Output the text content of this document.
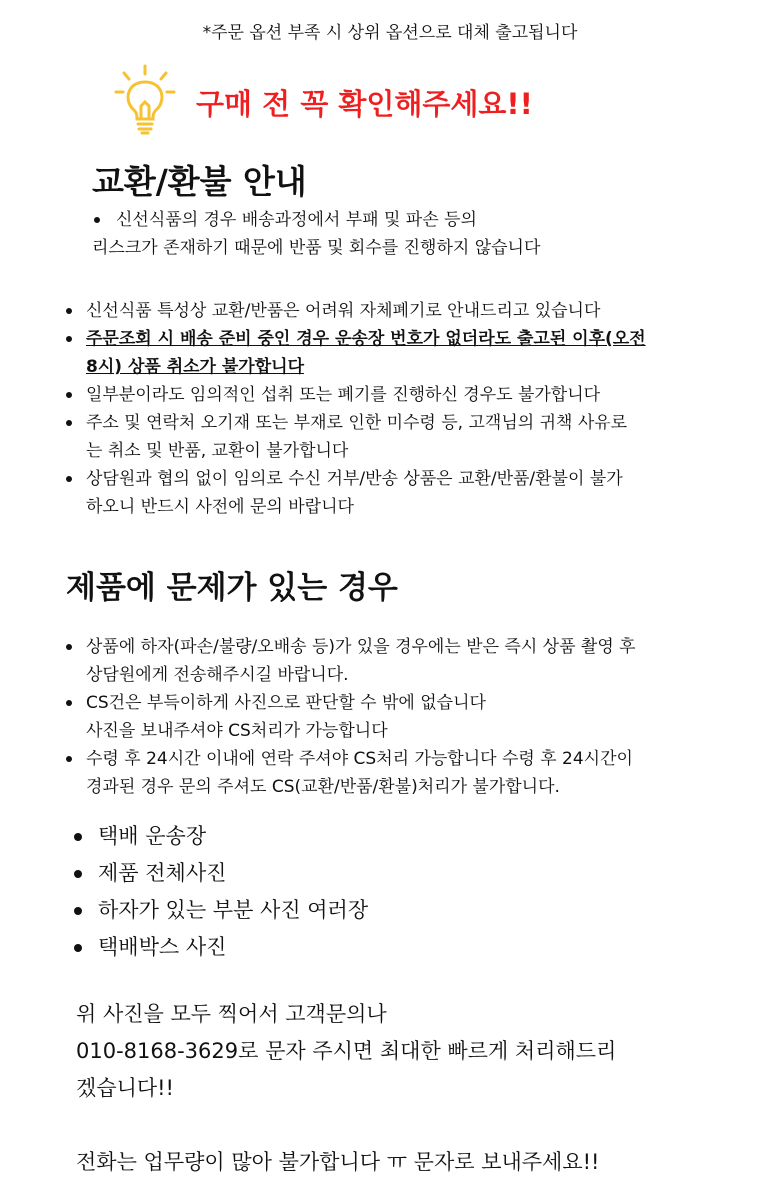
*주문 옵션 부족 시 상위 옵션으로 대체 출고됩니다
구매 전 꼭 확인해주세요!!
교환/환불 안내
신선식품의 경우 배송과정에서 부패 및 파손 등의
리스크가 존재하기 때문에 반품 및 회수를 진행하지 않습니다
신선식품 특성상 교환/반품은 어려워 자체폐기로 안내드리고 있습니다
주문조회 시 배송 준비 중인 경우 운송장 번호가 없더라도 출고된 이후(오전
8시) 상품 취소가 불가합니다
일부분이라도 임의적인 섭취 또는 폐기를 진행하신 경우도 불가합니다
주소 및 연락처 오기재 또는 부재로 인한 미수령 등, 고객님의 귀책 사유로
는 취소 및 반품, 교환이 불가합니다
상담원과 협의 없이 임의로 수신 거부/반송 상품은 교환/반품/환불이 불가
하오니 반드시 사전에 문의 바랍니다
제품에 문제가 있는 경우
상품에 하자(파손/불량/오배송 등)가 있을 경우에는 받은 즉시 상품 촬영 후
상담원에게 전송해주시길 바랍니다.
CS건은 부득이하게 사진으로 판단할 수 밖에 없습니다
사진을 보내주셔야 CS처리가 가능합니다
수령 후 24시간 이내에 연락 주셔야 CS처리 가능합니다 수령 후 24시간이
경과된 경우 문의 주셔도 CS(교환/반품/환불)처리가 불가합니다.
택배 운송장
제품 전체사진
하자가 있는 부분 사진 여러장
택배박스 사진
위 사진을 모두 찍어서 고객문의나
010-8168-3629로 문자 주시면 최대한 빠르게 처리해드리
겠습니다!!
전화는 업무량이 많아 불가합니다 ㅠ 문자로 보내주세요!!
